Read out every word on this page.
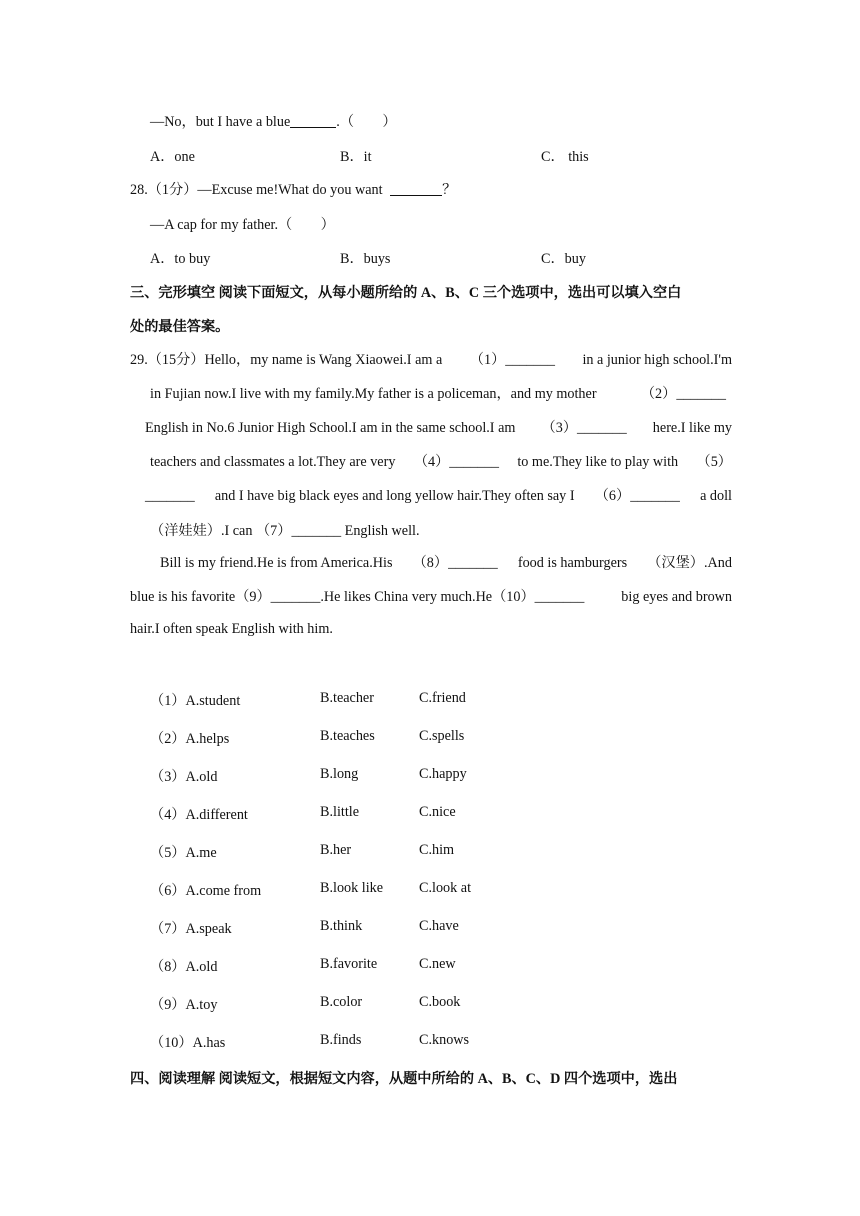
—No，but I have a blue	.（　　）
A．one	B．it	C． this
28.（1分）—Excuse me!What do you want	？
—A cap for my father.（　　）
A．to buy	B．buys	C．buy
三、完形填空 阅读下面短文，从每小题所给的 A、B、C 三个选项中，选出可以填入空白
处的最佳答案。
29.（15分）Hello，my name is Wang Xiaowei.I am a （1）_______ in a junior high school.I'm
in Fujian now.I live with my family.My father is a policeman，and my mother	（2）_______
English in No.6 Junior High School.I am in the same school.I am （3）_______ here.I like my
teachers and classmates a lot.They are very （4）_______ to me.They like to play with （5）
_______ and I have big black eyes and long yellow hair.They often say I （6）_______ a doll
（洋娃娃）.I can （7）_______ English well.
Bill is my friend.He is from America.His （8）_______ food is hamburgers （汉堡）.And
blue is his favorite（9）_______.He likes China very much.He（10）_______	big eyes and brown
hair.I often speak English with him.
（1）A.student	B.teacher	C.friend
（2）A.helps	B.teaches	C.spells
（3）A.old	B.long	C.happy
（4）A.different	B.little	C.nice
（5）A.me	B.her	C.him
（6）A.come from	B.look like	C.look at
（7）A.speak	B.think	C.have
（8）A.old	B.favorite	C.new
（9）A.toy	B.color	C.book
（10）A.has	B.finds	C.knows
四、阅读理解 阅读短文，根据短文内容，从题中所给的 A、B、C、D 四个选项中，选出
